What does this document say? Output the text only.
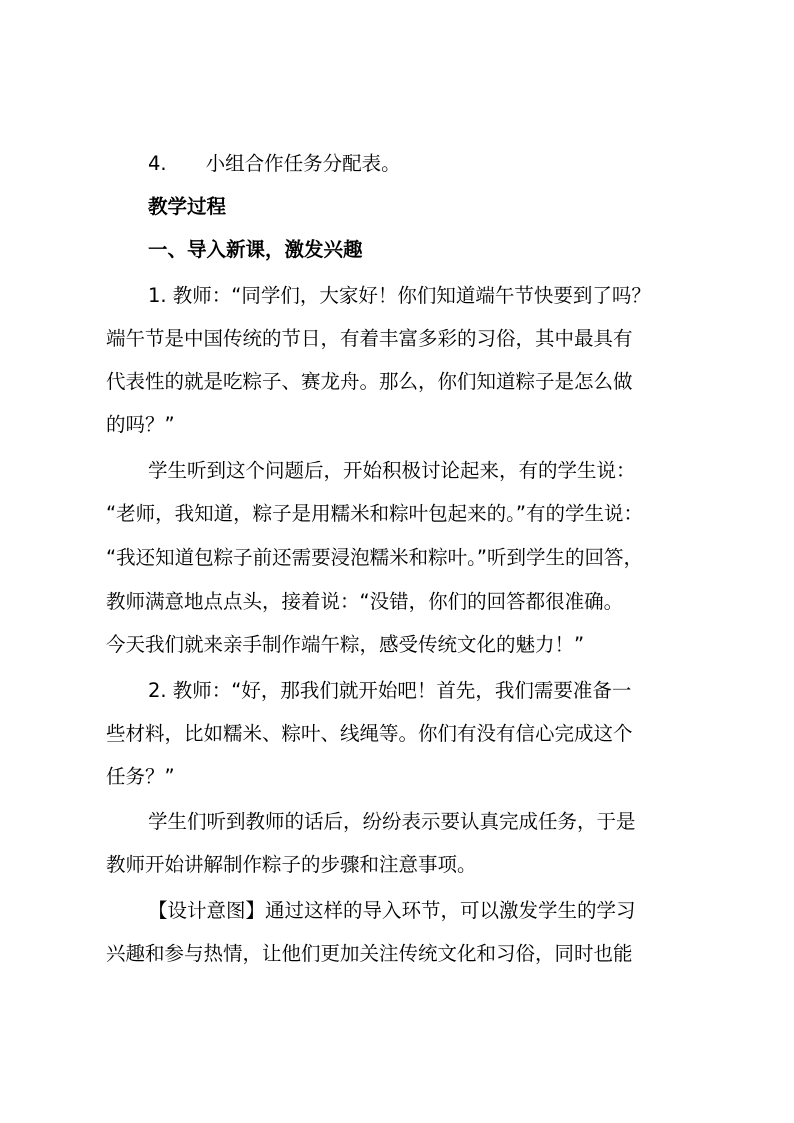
4.　　小组合作任务分配表。

教学过程

一、导入新课，激发兴趣

1. 教师：“同学们，大家好！你们知道端午节快要到了吗？

端午节是中国传统的节日，有着丰富多彩的习俗，其中最具有

代表性的就是吃粽子、赛龙舟。那么，你们知道粽子是怎么做

的吗？”

学生听到这个问题后，开始积极讨论起来，有的学生说：

“老师，我知道，粽子是用糯米和粽叶包起来的。”有的学生说：

“我还知道包粽子前还需要浸泡糯米和粽叶。”听到学生的回答，

教师满意地点点头，接着说：“没错，你们的回答都很准确。

今天我们就来亲手制作端午粽，感受传统文化的魅力！”

2. 教师：“好，那我们就开始吧！首先，我们需要准备一

些材料，比如糯米、粽叶、线绳等。你们有没有信心完成这个

任务？”

学生们听到教师的话后，纷纷表示要认真完成任务，于是

教师开始讲解制作粽子的步骤和注意事项。

【设计意图】通过这样的导入环节，可以激发学生的学习

兴趣和参与热情，让他们更加关注传统文化和习俗，同时也能
